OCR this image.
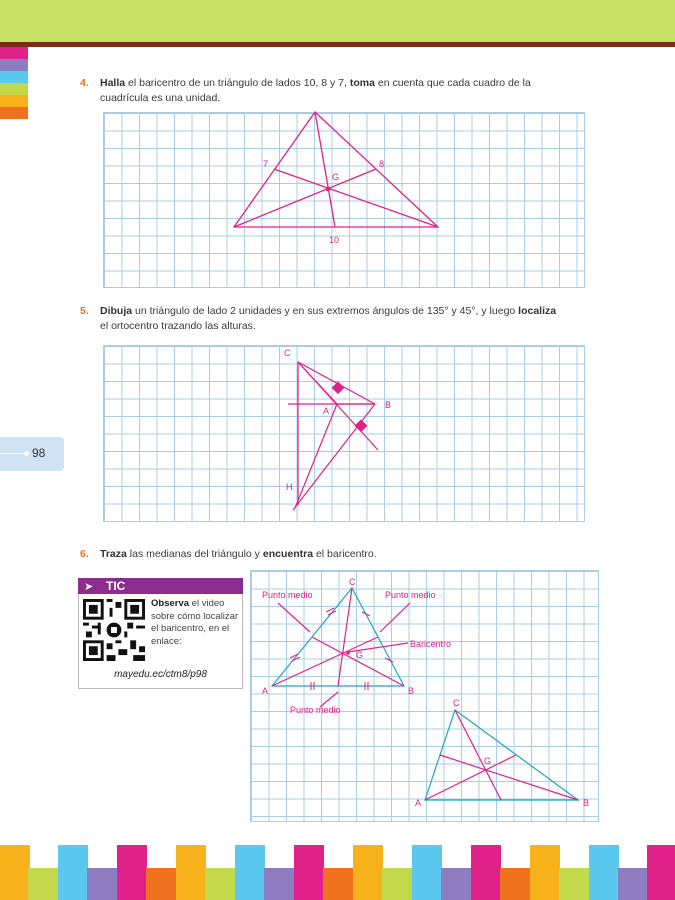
98
4. Halla el baricentro de un triángulo de lados 10, 8 y 7, toma en cuenta que cada cuadro de la
cuadrícula es una unidad.
7	8
10
G
5. Dibuja un triángulo de lado 2 unidades y en sus extremos ángulos de 135° y 45°, y luego localiza
el ortocentro trazando las alturas.
C
A
B
H
6. Traza las medianas del triángulo y encuentra el baricentro.
➤ TIC
Observa el video sobre cómo localizar el baricentro, en el enlace:
mayedu.ec/ctm8/p98
Punto medio	Punto medio
Baricentro
Punto medio
A	B
C
G
A	B
C
G
